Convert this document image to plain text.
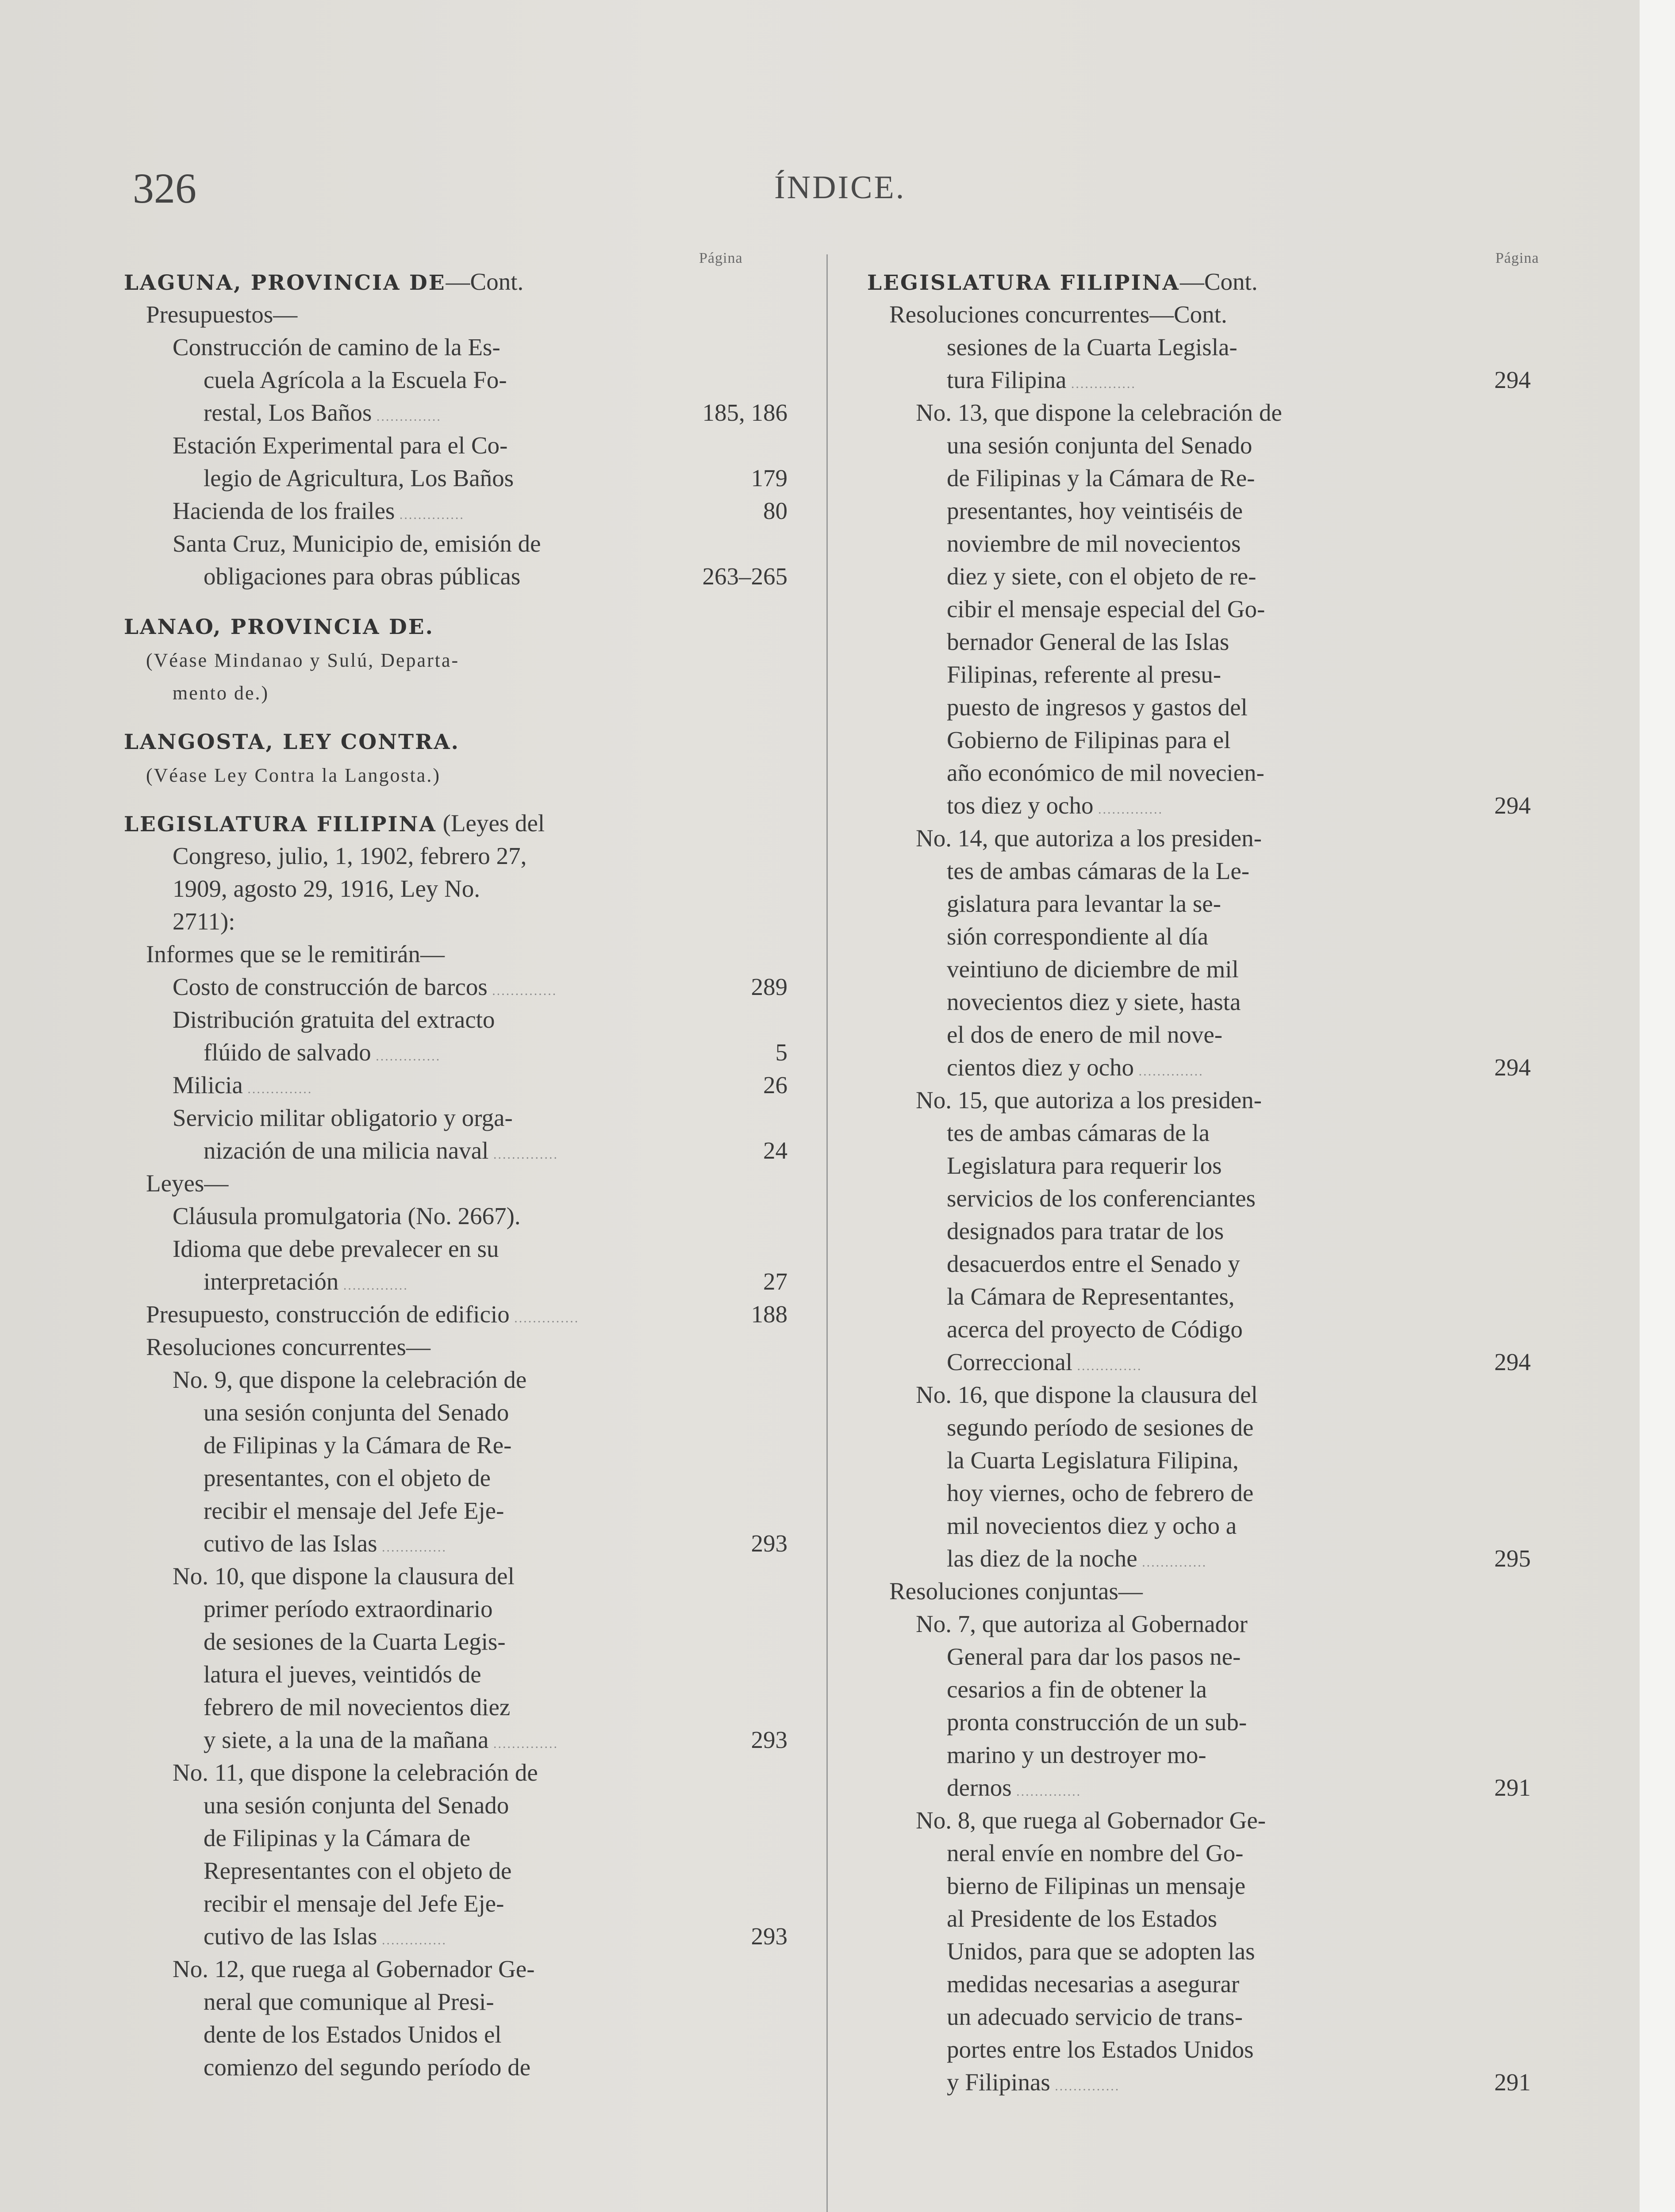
326	ÍNDICE.
Página	Página
LAGUNA, PROVINCIA DE—Cont.
Presupuestos—
Construcción de camino de la Es-
cuela Agrícola a la Escuela Fo-
restal, Los Baños ..............	185, 186
Estación Experimental para el Co-
legio de Agricultura, Los Baños	179
Hacienda de los frailes ..............	80
Santa Cruz, Municipio de, emisión de
obligaciones para obras públicas	263–265
LANAO, PROVINCIA DE.
(Véase Mindanao y Sulú, Departa-
mento de.)
LANGOSTA, LEY CONTRA.
(Véase Ley Contra la Langosta.)
LEGISLATURA FILIPINA (Leyes del
Congreso, julio, 1, 1902, febrero 27,
1909, agosto 29, 1916, Ley No.
2711):
Informes que se le remitirán—
Costo de construcción de barcos ..............	289
Distribución gratuita del extracto
flúido de salvado ..............	5
Milicia ..............	26
Servicio militar obligatorio y orga-
nización de una milicia naval ..............	24
Leyes—
Cláusula promulgatoria (No. 2667).
Idioma que debe prevalecer en su
interpretación ..............	27
Presupuesto, construcción de edificio ..............	188
Resoluciones concurrentes—
No. 9, que dispone la celebración de
una sesión conjunta del Senado
de Filipinas y la Cámara de Re-
presentantes, con el objeto de
recibir el mensaje del Jefe Eje-
cutivo de las Islas ..............	293
No. 10, que dispone la clausura del
primer período extraordinario
de sesiones de la Cuarta Legis-
latura el jueves, veintidós de
febrero de mil novecientos diez
y siete, a la una de la mañana ..............	293
No. 11, que dispone la celebración de
una sesión conjunta del Senado
de Filipinas y la Cámara de
Representantes con el objeto de
recibir el mensaje del Jefe Eje-
cutivo de las Islas ..............	293
No. 12, que ruega al Gobernador Ge-
neral que comunique al Presi-
dente de los Estados Unidos el
comienzo del segundo período de
LEGISLATURA FILIPINA—Cont.
Resoluciones concurrentes—Cont.
sesiones de la Cuarta Legisla-
tura Filipina ..............	294
No. 13, que dispone la celebración de
una sesión conjunta del Senado
de Filipinas y la Cámara de Re-
presentantes, hoy veintiséis de
noviembre de mil novecientos
diez y siete, con el objeto de re-
cibir el mensaje especial del Go-
bernador General de las Islas
Filipinas, referente al presu-
puesto de ingresos y gastos del
Gobierno de Filipinas para el
año económico de mil novecien-
tos diez y ocho ..............	294
No. 14, que autoriza a los presiden-
tes de ambas cámaras de la Le-
gislatura para levantar la se-
sión correspondiente al día
veintiuno de diciembre de mil
novecientos diez y siete, hasta
el dos de enero de mil nove-
cientos diez y ocho ..............	294
No. 15, que autoriza a los presiden-
tes de ambas cámaras de la
Legislatura para requerir los
servicios de los conferenciantes
designados para tratar de los
desacuerdos entre el Senado y
la Cámara de Representantes,
acerca del proyecto de Código
Correccional ..............	294
No. 16, que dispone la clausura del
segundo período de sesiones de
la Cuarta Legislatura Filipina,
hoy viernes, ocho de febrero de
mil novecientos diez y ocho a
las diez de la noche ..............	295
Resoluciones conjuntas—
No. 7, que autoriza al Gobernador
General para dar los pasos ne-
cesarios a fin de obtener la
pronta construcción de un sub-
marino y un destroyer mo-
dernos ..............	291
No. 8, que ruega al Gobernador Ge-
neral envíe en nombre del Go-
bierno de Filipinas un mensaje
al Presidente de los Estados
Unidos, para que se adopten las
medidas necesarias a asegurar
un adecuado servicio de trans-
portes entre los Estados Unidos
y Filipinas ..............	291
